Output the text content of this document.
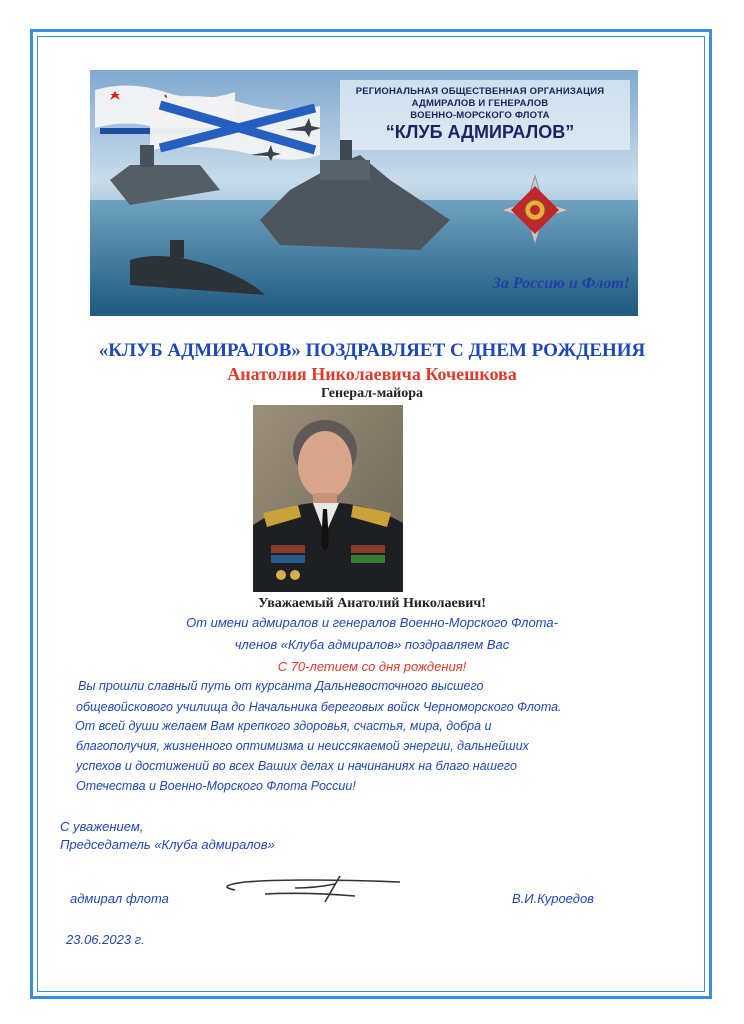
РЕГИОНАЛЬНАЯ ОБЩЕСТВЕННАЯ ОРГАНИЗАЦИЯ
АДМИРАЛОВ И ГЕНЕРАЛОВ
ВОЕННО-МОРСКОГО ФЛОТА
“КЛУБ АДМИРАЛОВ”
За Россию и Флот!
«КЛУБ АДМИРАЛОВ» ПОЗДРАВЛЯЕТ С ДНЕМ РОЖДЕНИЯ
Анатолия Николаевича Кочешкова
Генерал-майора
Уважаемый Анатолий Николаевич!
От имени адмиралов и генералов Военно-Морского Флота-
членов «Клуба адмиралов» поздравляем Вас
С 70-летием со дня рождения!
Вы прошли славный путь от курсанта Дальневосточного высшего
общевойскового училища до Начальника береговых войск Черноморского Флота.
От всей души желаем Вам крепкого здоровья, счастья, мира, добра и
благополучия, жизненного оптимизма и неиссякаемой энергии, дальнейших
успехов и достижений во всех Ваших делах и начинаниях на благо нашего
Отечества и Военно-Морского Флота России!
С уважением,
Председатель «Клуба адмиралов»
адмирал флота	В.И.Куроедов
23.06.2023 г.
